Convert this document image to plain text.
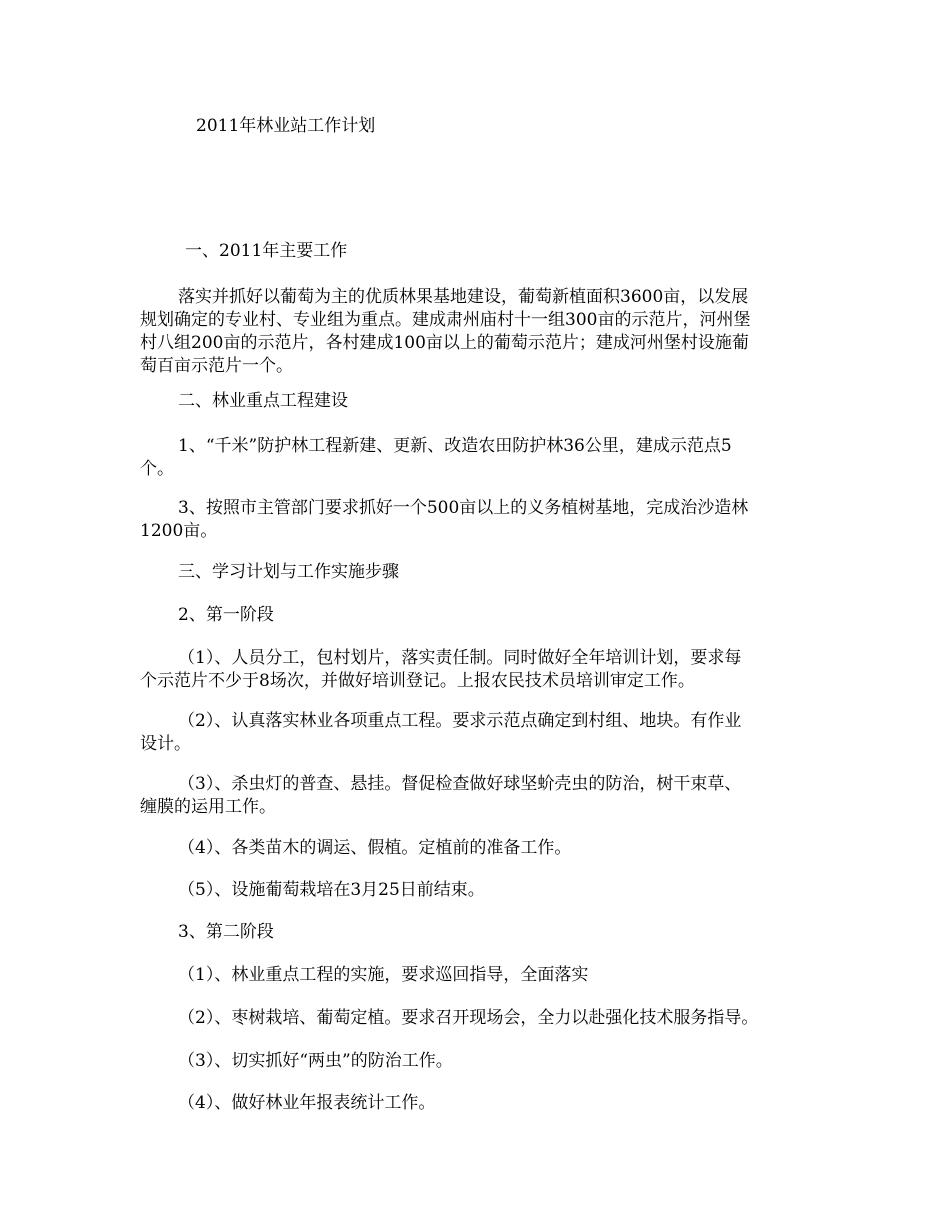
2011年林业站工作计划

一、2011年主要工作

落实并抓好以葡萄为主的优质林果基地建设，葡萄新植面积3600亩，以发展
规划确定的专业村、专业组为重点。建成肃州庙村十一组300亩的示范片，河州堡
村八组200亩的示范片，各村建成100亩以上的葡萄示范片；建成河州堡村设施葡
萄百亩示范片一个。

二、林业重点工程建设

1、“千米”防护林工程新建、更新、改造农田防护林36公里，建成示范点5
个。

3、按照市主管部门要求抓好一个500亩以上的义务植树基地，完成治沙造林
1200亩。

三、学习计划与工作实施步骤

2、第一阶段

（1）、人员分工，包村划片，落实责任制。同时做好全年培训计划，要求每
个示范片不少于8场次，并做好培训登记。上报农民技术员培训审定工作。

（2）、认真落实林业各项重点工程。要求示范点确定到村组、地块。有作业
设计。

（3）、杀虫灯的普查、悬挂。督促检查做好球坚蚧壳虫的防治，树干束草、
缠膜的运用工作。

（4）、各类苗木的调运、假植。定植前的准备工作。

（5）、设施葡萄栽培在3月25日前结束。

3、第二阶段

（1）、林业重点工程的实施，要求巡回指导，全面落实

（2）、枣树栽培、葡萄定植。要求召开现场会，全力以赴强化技术服务指导。

（3）、切实抓好“两虫”的防治工作。

（4）、做好林业年报表统计工作。
